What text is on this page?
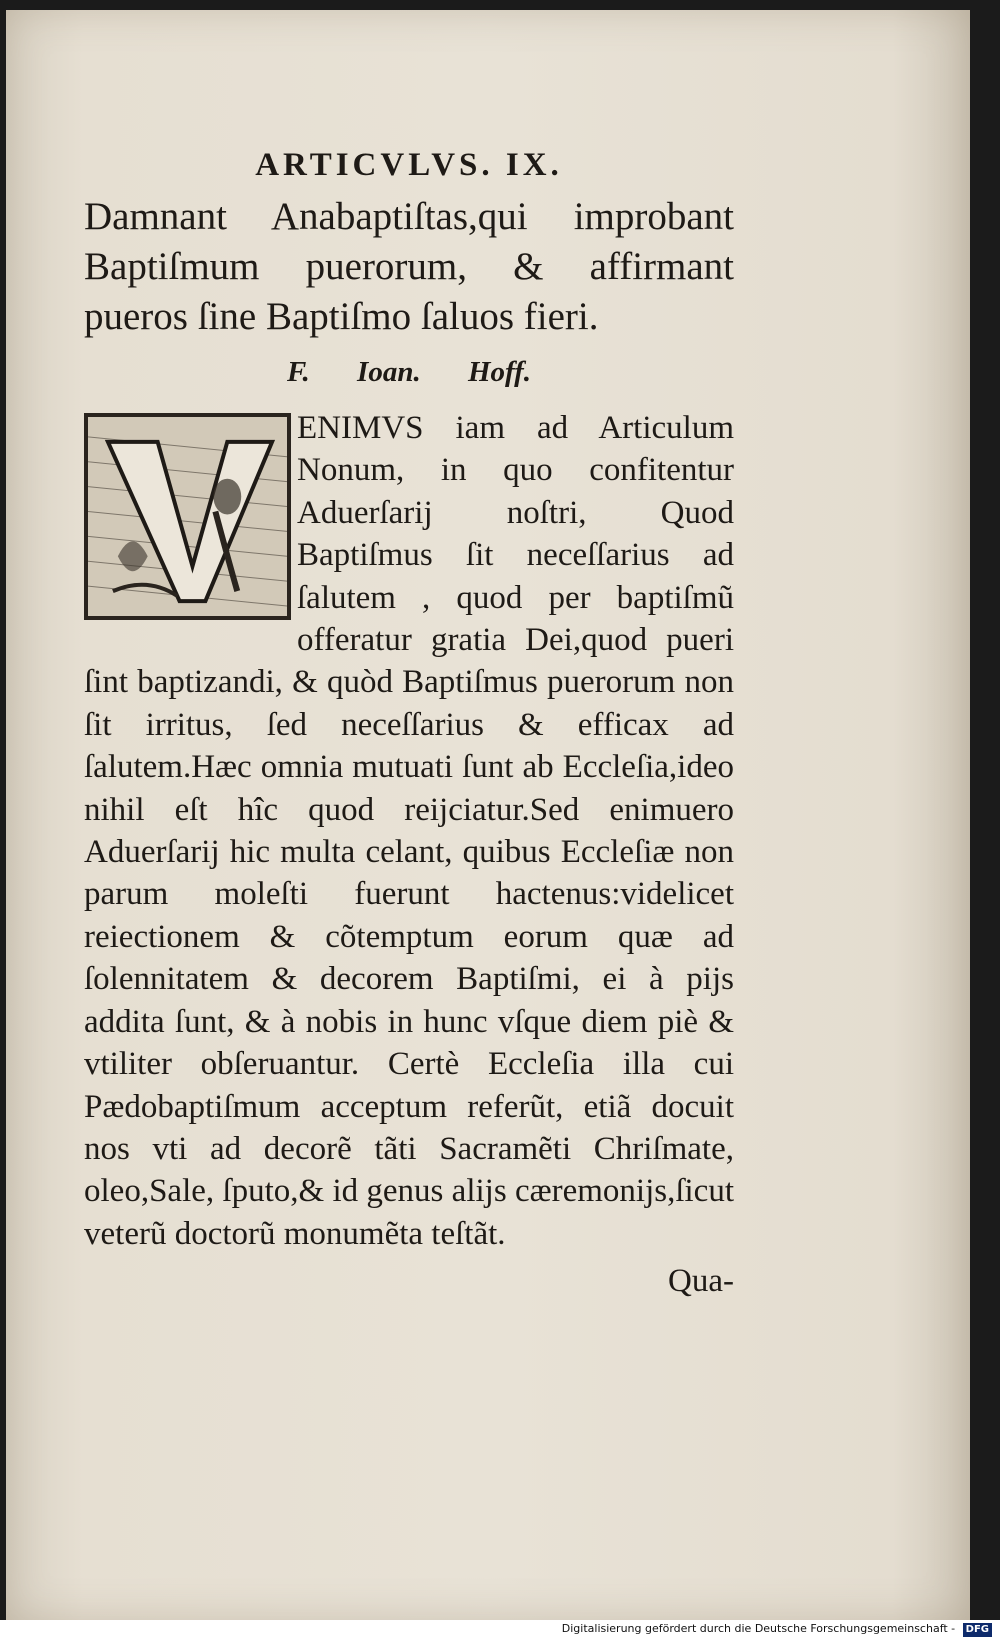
ARTICVLVS. IX.
Damnant Anabaptiſtas,qui improbant Baptiſmum puerorum, & affirmant pueros ſine Baptiſmo ſaluos fieri.
F. Ioan. Hoff.
ENIMVS iam ad Articulum Nonum, in quo confitentur Aduerſarij noſtri, Quod Baptiſmus ſit neceſſarius ad ſalutem , quod per baptiſmũ offeratur gratia Dei,quod pueri ſint baptizandi, & quòd Baptiſmus puerorum non ſit irritus, ſed neceſſarius & efficax ad ſalutem.Hæc omnia mutuati ſunt ab Eccleſia,ideo nihil eſt hîc quod reijciatur.Sed enimuero Aduerſarij hic multa celant, quibus Eccleſiæ non parum moleſti fuerunt hactenus:videlicet reiectionem & cõtemptum eorum quæ ad ſolennitatem & decorem Baptiſmi, ei à pijs addita ſunt, & à nobis in hunc vſque diem piè & vtiliter obſeruantur. Certè Eccleſia illa cui Pædobaptiſmum acceptum referũt, etiã docuit nos vti ad decorẽ tãti Sacramẽti Chriſmate, oleo,Sale, ſputo,& id genus alijs cæremonijs,ſicut veterũ doctorũ monumẽta teſtãt.
Qua-
Digitalisierung gefördert durch die Deutsche Forschungsgemeinschaft - DFG
